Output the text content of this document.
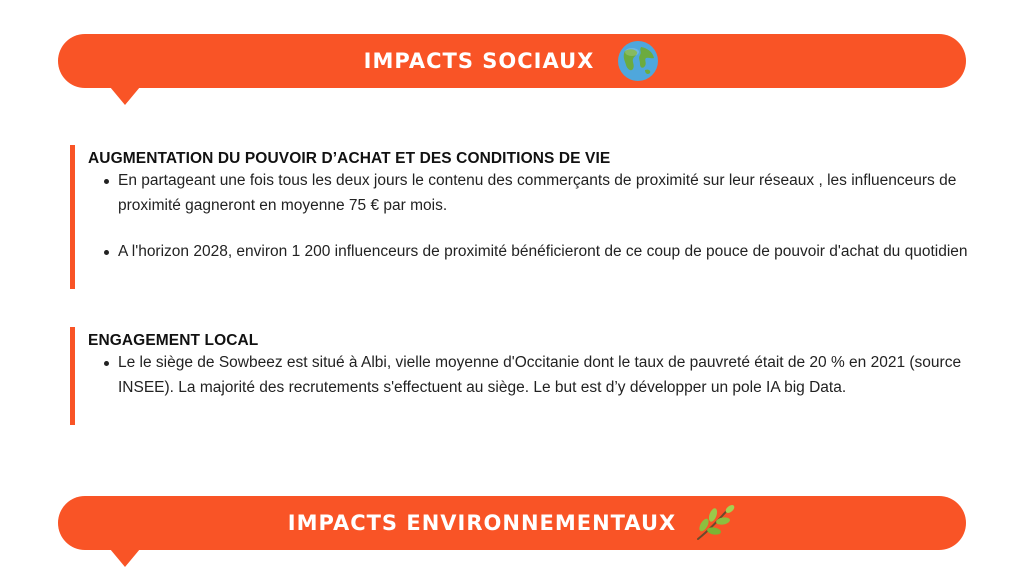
IMPACTS SOCIAUX
AUGMENTATION DU POUVOIR D’ACHAT ET DES CONDITIONS DE VIE
En partageant une fois tous les deux jours le contenu des commerçants de proximité sur leur réseaux , les influenceurs de proximité gagneront en moyenne 75 € par mois.
A l'horizon 2028, environ 1 200 influenceurs de proximité bénéficieront de ce coup de pouce de pouvoir d'achat du quotidien
ENGAGEMENT LOCAL
Le le siège de Sowbeez est situé à Albi, vielle moyenne d'Occitanie dont le taux de pauvreté était de 20 % en 2021 (source INSEE). La majorité des recrutements s'effectuent au siège. Le but est d’y développer un pole IA big Data.
IMPACTS ENVIRONNEMENTAUX
